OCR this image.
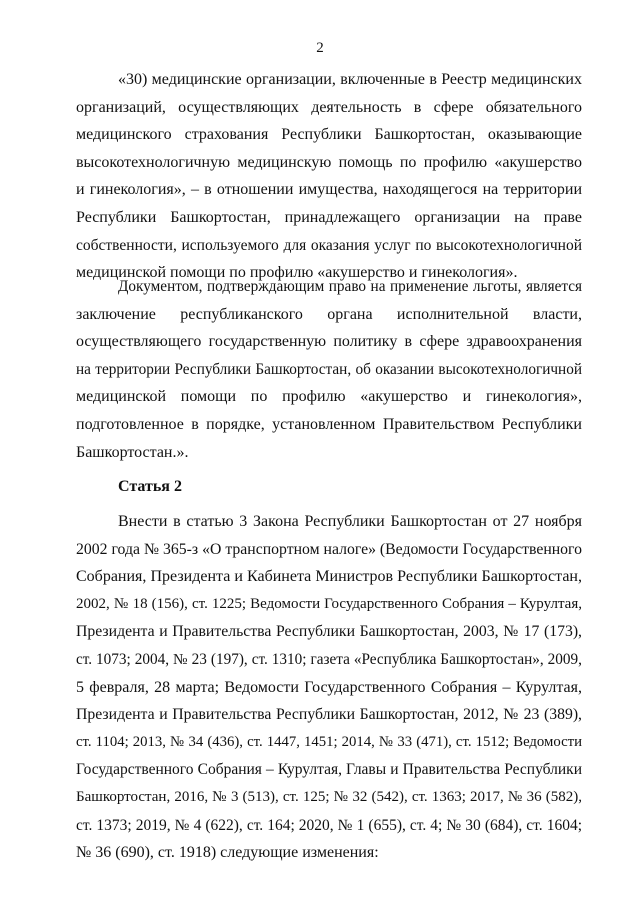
2
«30) медицинские организации, включенные в Реестр медицинских
организаций, осуществляющих деятельность в сфере обязательного
медицинского страхования Республики Башкортостан, оказывающие
высокотехнологичную медицинскую помощь по профилю «акушерство
и гинекология», – в отношении имущества, находящегося на территории
Республики Башкортостан, принадлежащего организации на праве
собственности, используемого для оказания услуг по высокотехнологичной
медицинской помощи по профилю «акушерство и гинекология».
Документом, подтверждающим право на применение льготы, является
заключение республиканского органа исполнительной власти,
осуществляющего государственную политику в сфере здравоохранения
на территории Республики Башкортостан, об оказании высокотехнологичной
медицинской помощи по профилю «акушерство и гинекология»,
подготовленное в порядке, установленном Правительством Республики
Башкортостан.».
Статья 2
Внести в статью 3 Закона Республики Башкортостан от 27 ноября
2002 года № 365-з «О транспортном налоге» (Ведомости Государственного
Собрания, Президента и Кабинета Министров Республики Башкортостан,
2002, № 18 (156), ст. 1225; Ведомости Государственного Собрания – Курултая,
Президента и Правительства Республики Башкортостан, 2003, № 17 (173),
ст. 1073; 2004, № 23 (197), ст. 1310; газета «Республика Башкортостан», 2009,
5 февраля, 28 марта; Ведомости Государственного Собрания – Курултая,
Президента и Правительства Республики Башкортостан, 2012, № 23 (389),
ст. 1104; 2013, № 34 (436), ст. 1447, 1451; 2014, № 33 (471), ст. 1512; Ведомости
Государственного Собрания – Курултая, Главы и Правительства Республики
Башкортостан, 2016, № 3 (513), ст. 125; № 32 (542), ст. 1363; 2017, № 36 (582),
ст. 1373; 2019, № 4 (622), ст. 164; 2020, № 1 (655), ст. 4; № 30 (684), ст. 1604;
№ 36 (690), ст. 1918) следующие изменения:
